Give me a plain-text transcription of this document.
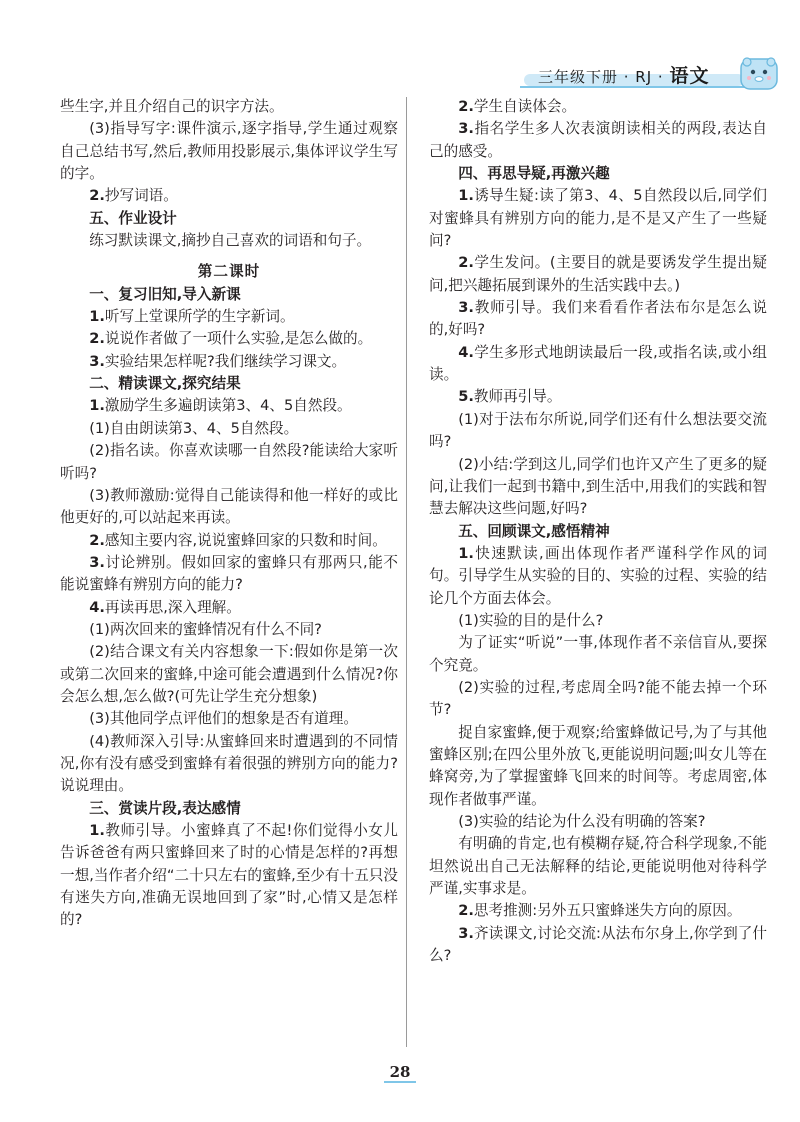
三年级下册 · RJ · 语文

些生字,并且介绍自己的识字方法。

(3)指导写字:课件演示,逐字指导,学生通过观察自己总结书写,然后,教师用投影展示,集体评议学生写的字。

2.抄写词语。

五、作业设计

练习默读课文,摘抄自己喜欢的词语和句子。

第二课时

一、复习旧知,导入新课

1.听写上堂课所学的生字新词。

2.说说作者做了一项什么实验,是怎么做的。

3.实验结果怎样呢?我们继续学习课文。

二、精读课文,探究结果

1.激励学生多遍朗读第3、4、5自然段。

(1)自由朗读第3、4、5自然段。

(2)指名读。你喜欢读哪一自然段?能读给大家听听吗?

(3)教师激励:觉得自己能读得和他一样好的或比他更好的,可以站起来再读。

2.感知主要内容,说说蜜蜂回家的只数和时间。

3.讨论辨别。假如回家的蜜蜂只有那两只,能不能说蜜蜂有辨别方向的能力?

4.再读再思,深入理解。

(1)两次回来的蜜蜂情况有什么不同?

(2)结合课文有关内容想象一下:假如你是第一次或第二次回来的蜜蜂,中途可能会遭遇到什么情况?你会怎么想,怎么做?(可先让学生充分想象)

(3)其他同学点评他们的想象是否有道理。

(4)教师深入引导:从蜜蜂回来时遭遇到的不同情况,你有没有感受到蜜蜂有着很强的辨别方向的能力?说说理由。

三、赏读片段,表达感情

1.教师引导。小蜜蜂真了不起!你们觉得小女儿告诉爸爸有两只蜜蜂回来了时的心情是怎样的?再想一想,当作者介绍“二十只左右的蜜蜂,至少有十五只没有迷失方向,准确无误地回到了家”时,心情又是怎样的?

2.学生自读体会。

3.指名学生多人次表演朗读相关的两段,表达自己的感受。

四、再思导疑,再激兴趣

1.诱导生疑:读了第3、4、5自然段以后,同学们对蜜蜂具有辨别方向的能力,是不是又产生了一些疑问?

2.学生发问。(主要目的就是要诱发学生提出疑问,把兴趣拓展到课外的生活实践中去。)

3.教师引导。我们来看看作者法布尔是怎么说的,好吗?

4.学生多形式地朗读最后一段,或指名读,或小组读。

5.教师再引导。

(1)对于法布尔所说,同学们还有什么想法要交流吗?

(2)小结:学到这儿,同学们也许又产生了更多的疑问,让我们一起到书籍中,到生活中,用我们的实践和智慧去解决这些问题,好吗?

五、回顾课文,感悟精神

1.快速默读,画出体现作者严谨科学作风的词句。引导学生从实验的目的、实验的过程、实验的结论几个方面去体会。

(1)实验的目的是什么?

为了证实“听说”一事,体现作者不亲信盲从,要探个究竟。

(2)实验的过程,考虑周全吗?能不能去掉一个环节?

捉自家蜜蜂,便于观察;给蜜蜂做记号,为了与其他蜜蜂区别;在四公里外放飞,更能说明问题;叫女儿等在蜂窝旁,为了掌握蜜蜂飞回来的时间等。考虑周密,体现作者做事严谨。

(3)实验的结论为什么没有明确的答案?

有明确的肯定,也有模糊存疑,符合科学现象,不能坦然说出自己无法解释的结论,更能说明他对待科学严谨,实事求是。

2.思考推测:另外五只蜜蜂迷失方向的原因。

3.齐读课文,讨论交流:从法布尔身上,你学到了什么?

28
